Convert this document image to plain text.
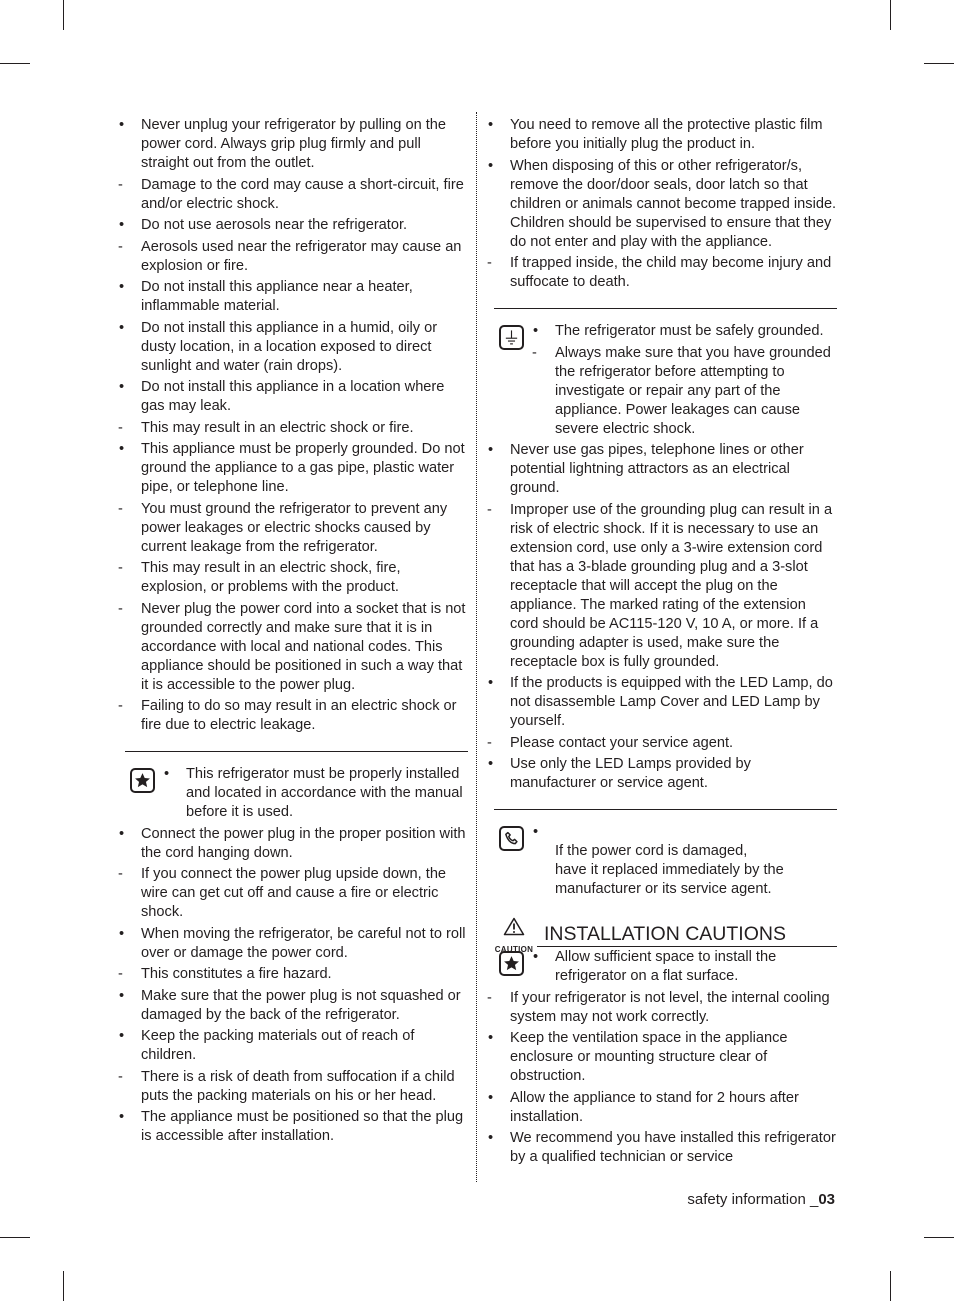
•	Never unplug your refrigerator by pulling on the power cord. Always grip plug firmly and pull straight out from the outlet.
-	Damage to the cord may cause a short-circuit, fire and/or electric shock.
•	Do not use aerosols near the refrigerator.
-	Aerosols used near the refrigerator may cause an explosion or fire.
•	Do not install this appliance near a heater, inflammable material.
•	Do not install this appliance in a humid, oily or dusty location, in a location exposed to direct sunlight and water (rain drops).
•	Do not install this appliance in a location where gas may leak.
-	This may result in an electric shock or fire.
•	This appliance must be properly grounded. Do not ground the appliance to a gas pipe, plastic water pipe, or telephone line.
-	You must ground the refrigerator to prevent any power leakages or electric shocks caused by current leakage from the refrigerator.
-	This may result in an electric shock, fire, explosion, or problems with the product.
-	Never plug the power cord into a socket that is not grounded correctly and make sure that it is in accordance with local and national codes. This appliance should be positioned in such a way that it is accessible to the power plug.
-	Failing to do so may result in an electric shock or fire due to electric leakage.
•	This refrigerator must be properly installed and located in accordance with the manual before it is used.
•	Connect the power plug in the proper position with the cord hanging down.
-	If you connect the power plug upside down, the wire can get cut off and cause a fire or electric shock.
•	When moving the refrigerator, be careful not to roll over or damage the power cord.
-	This constitutes a fire hazard.
•	Make sure that the power plug is not squashed or damaged by the back of the refrigerator.
•	Keep the packing materials out of reach of children.
-	There is a risk of death from suffocation if a child puts the packing materials on his or her head.
•	The appliance must be positioned so that the plug is accessible after installation.
•	You need to remove all the protective plastic film before you initially plug the product in.
•	When disposing of this or other refrigerator/s, remove the door/door seals, door latch so that children or animals cannot become trapped inside. Children should be supervised to ensure that they do not enter and play with the appliance.
-	If trapped inside, the child may become injury and suffocate to death.
•	The refrigerator must be safely grounded.
-	Always make sure that you have grounded the refrigerator before attempting to investigate or repair any part of the appliance. Power leakages can cause severe electric shock.
•	Never use gas pipes, telephone lines or other potential lightning attractors as an electrical ground.
-	Improper use of the grounding plug can result in a risk of electric shock. If it is necessary to use an extension cord, use only a 3-wire extension cord that has a 3-blade grounding plug and a 3-slot receptacle that will accept the plug on the appliance. The marked rating of the extension cord should be AC115-120 V, 10 A, or more. If a grounding adapter is used, make sure the receptacle box is fully grounded.
•	If the products is equipped with the LED Lamp, do not disassemble Lamp Cover and LED Lamp by yourself.
-	Please contact your service agent.
•	Use only the LED Lamps provided by manufacturer or service agent.

•
If the power cord is damaged,
have it replaced immediately by the manufacturer or its service agent.

CAUTION
INSTALLATION CAUTIONS
•	Allow sufficient space to install the refrigerator on a flat surface.
-	If your refrigerator is not level, the internal cooling system may not work correctly.
•	Keep the ventilation space in the appliance enclosure or mounting structure clear of obstruction.
•	Allow the appliance to stand for 2 hours after installation.
•	We recommend you have installed this refrigerator by a qualified technician or service
safety information _03
